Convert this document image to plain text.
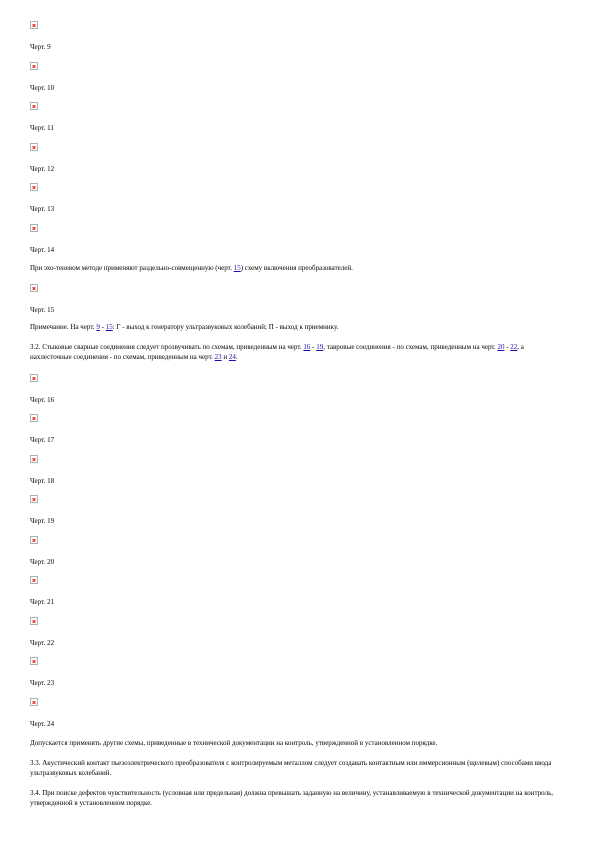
Черт. 9
Черт. 10
Черт. 11
Черт. 12
Черт. 13
Черт. 14
При эхо-теневом методе применяют раздельно-совмещенную (черт. 15) схему включения преобразователей.
Черт. 15
Примечание. На черт. 9 - 15: Г - выход к генератору ультразвуковых колебаний; П - выход к приемнику.
3.2. Стыковые сварные соединения следует прозвучивать по схемам, приведенным на черт. 16 - 19, тавровые соединения - по схемам, приведенным на черт. 20 - 22, а нахлесточные соединения - по схемам, приведенным на черт. 23 и 24.
Черт. 16
Черт. 17
Черт. 18
Черт. 19
Черт. 20
Черт. 21
Черт. 22
Черт. 23
Черт. 24
Допускается применять другие схемы, приведенные в технической документации на контроль, утвержденной в установленном порядке.
3.3. Акустический контакт пьезоэлектрического преобразователя с контролируемым металлом следует создавать контактным или иммерсионным (щелевым) способами ввода ультразвуковых колебаний.
3.4. При поиске дефектов чувствительность (условная или предельная) должна превышать заданную на величину, устанавливаемую в технической документации на контроль, утвержденной в установленном порядке.
